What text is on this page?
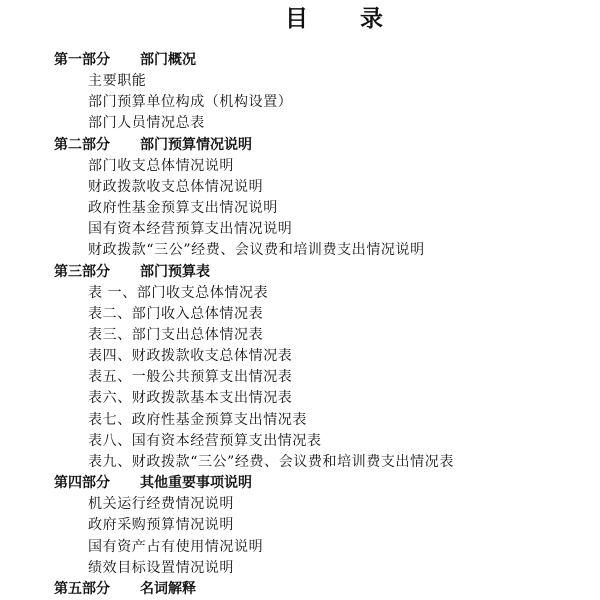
目 录
第一部分 部门概况
主要职能
部门预算单位构成（机构设置）
部门人员情况总表
第二部分 部门预算情况说明
部门收支总体情况说明
财政拨款收支总体情况说明
政府性基金预算支出情况说明
国有资本经营预算支出情况说明
财政拨款“三公”经费、会议费和培训费支出情况说明
第三部分 部门预算表
表 一、部门收支总体情况表
表二、部门收入总体情况表
表三、部门支出总体情况表
表四、财政拨款收支总体情况表
表五、一般公共预算支出情况表
表六、财政拨款基本支出情况表
表七、政府性基金预算支出情况表
表八、国有资本经营预算支出情况表
表九、财政拨款“三公”经费、会议费和培训费支出情况表
第四部分 其他重要事项说明
机关运行经费情况说明
政府采购预算情况说明
国有资产占有使用情况说明
绩效目标设置情况说明
第五部分 名词解释
